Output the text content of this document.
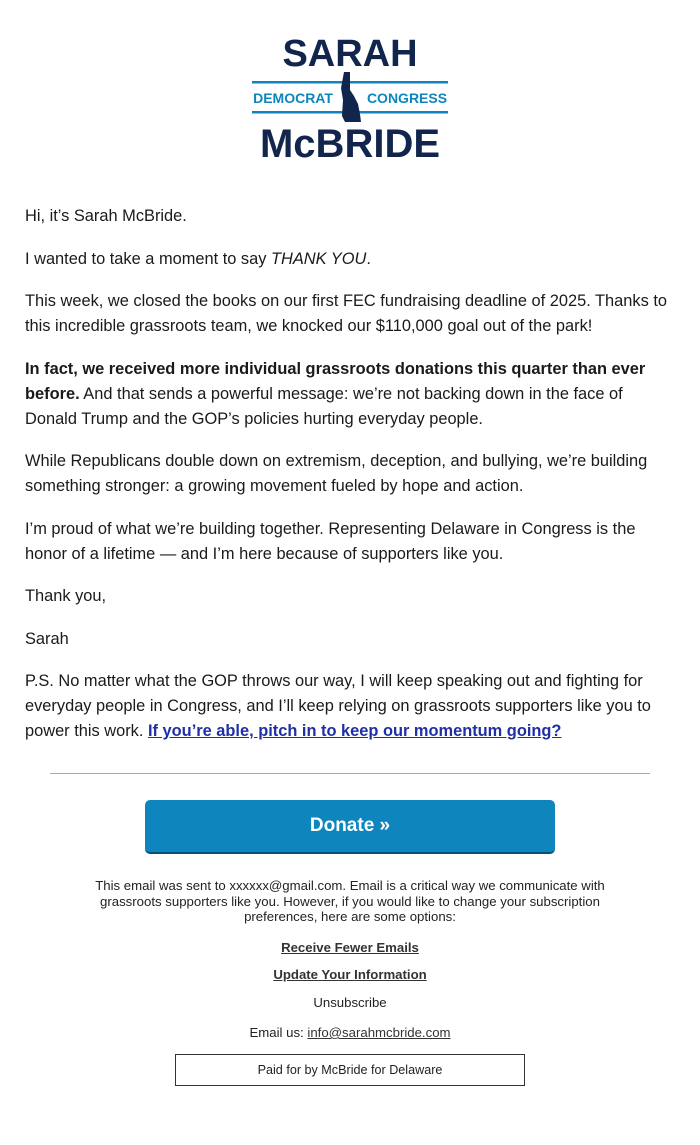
SARAH
DEMOCRAT CONGRESS
McBRIDE

Hi, it’s Sarah McBride.

I wanted to take a moment to say THANK YOU.

This week, we closed the books on our first FEC fundraising deadline of 2025. Thanks to this incredible grassroots team, we knocked our $110,000 goal out of the park!

In fact, we received more individual grassroots donations this quarter than ever before. And that sends a powerful message: we’re not backing down in the face of Donald Trump and the GOP’s policies hurting everyday people.

While Republicans double down on extremism, deception, and bullying, we’re building something stronger: a growing movement fueled by hope and action.

I’m proud of what we’re building together. Representing Delaware in Congress is the honor of a lifetime — and I’m here because of supporters like you.

Thank you,

Sarah

P.S. No matter what the GOP throws our way, I will keep speaking out and fighting for everyday people in Congress, and I’ll keep relying on grassroots supporters like you to power this work. If you’re able, pitch in to keep our momentum going?

Donate »
This email was sent to xxxxxx@gmail.com. Email is a critical way we communicate with grassroots supporters like you. However, if you would like to change your subscription preferences, here are some options:
Receive Fewer Emails
Update Your Information
Unsubscribe
Email us: info@sarahmcbride.com
Paid for by McBride for Delaware
